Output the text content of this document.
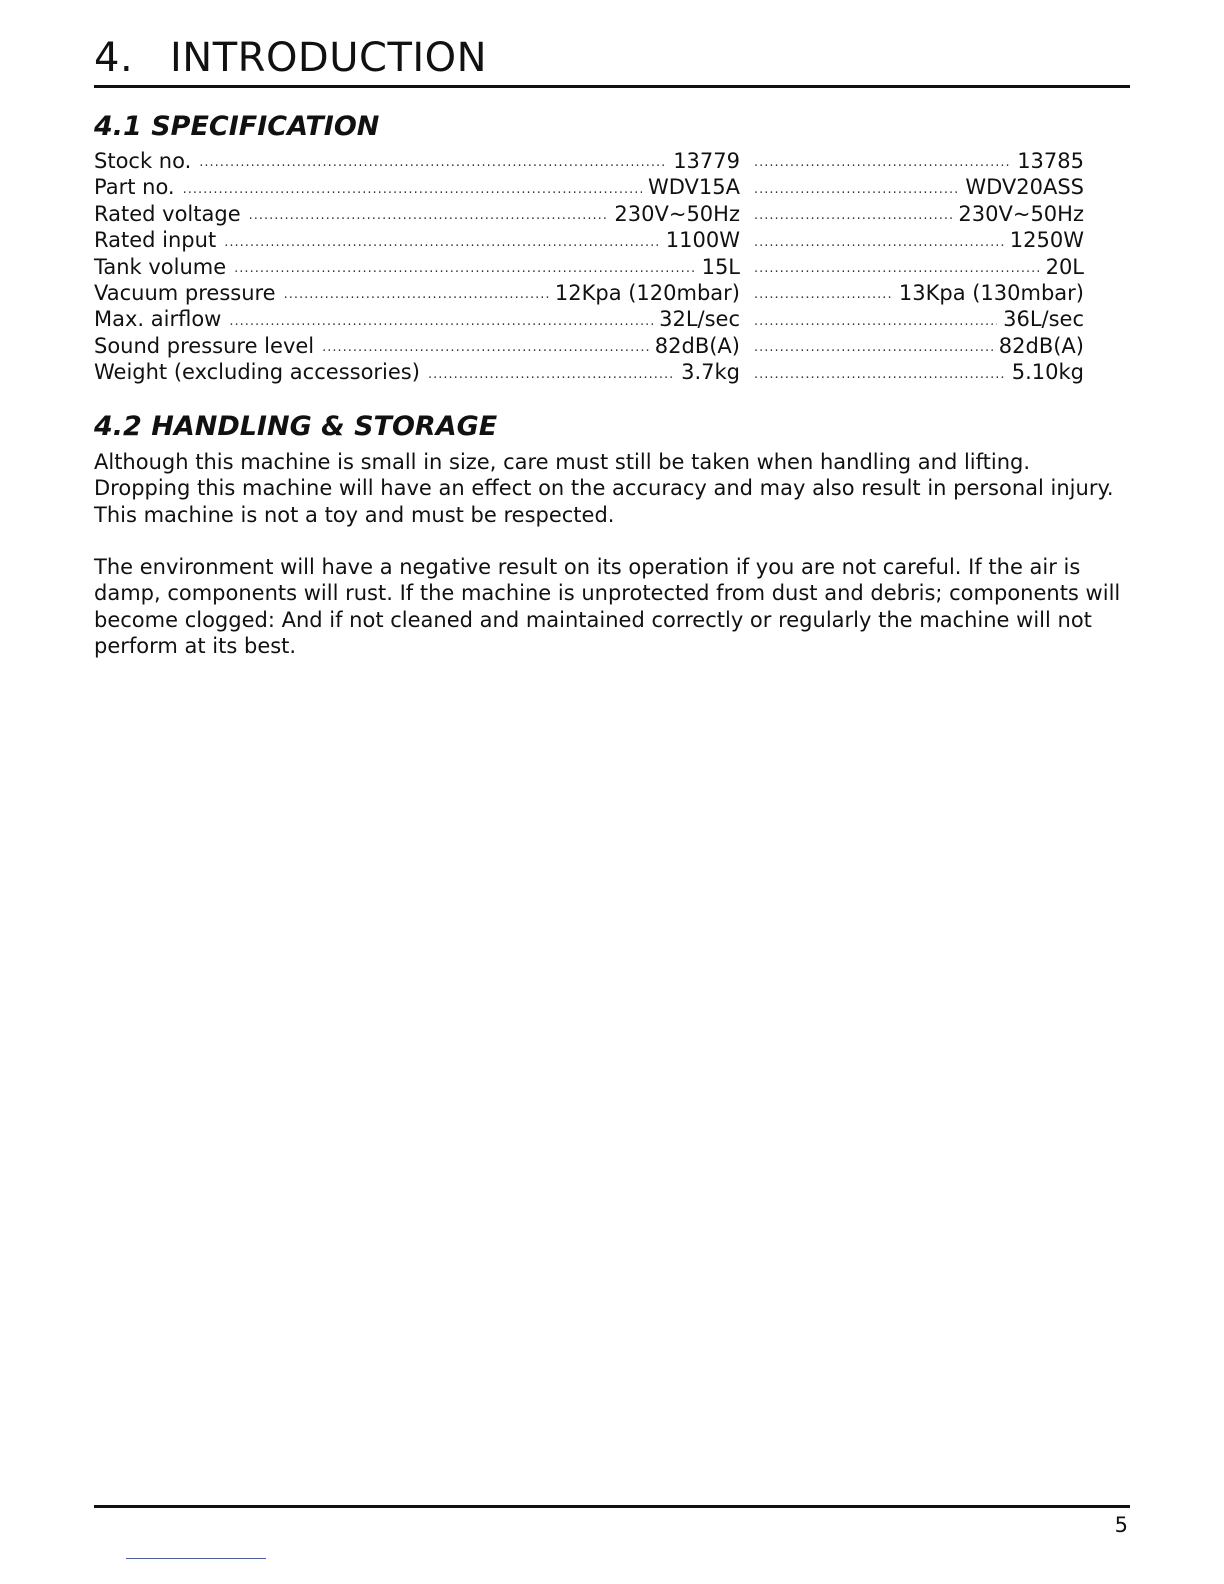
4. INTRODUCTION
4.1 SPECIFICATION
Stock no. .....	13779 .....	13785
Part no. .....	WDV15A .....	WDV20ASS
Rated voltage .....	230V~50Hz .....	230V~50Hz
Rated input .....	1100W .....	1250W
Tank volume .....	15L .....	20L
Vacuum pressure .....	12Kpa (120mbar) .....	13Kpa (130mbar)
Max. airflow .....	32L/sec .....	36L/sec
Sound pressure level .....	82dB(A) .....	82dB(A)
Weight (excluding accessories) .....	3.7kg .....	5.10kg
4.2 HANDLING & STORAGE

Although this machine is small in size, care must still be taken when handling and lifting. Dropping this machine will have an effect on the accuracy and may also result in personal injury. This machine is not a toy and must be respected.

The environment will have a negative result on its operation if you are not careful. If the air is damp, components will rust. If the machine is unprotected from dust and debris; components will become clogged: And if not cleaned and maintained correctly or regularly the machine will not perform at its best.

5
